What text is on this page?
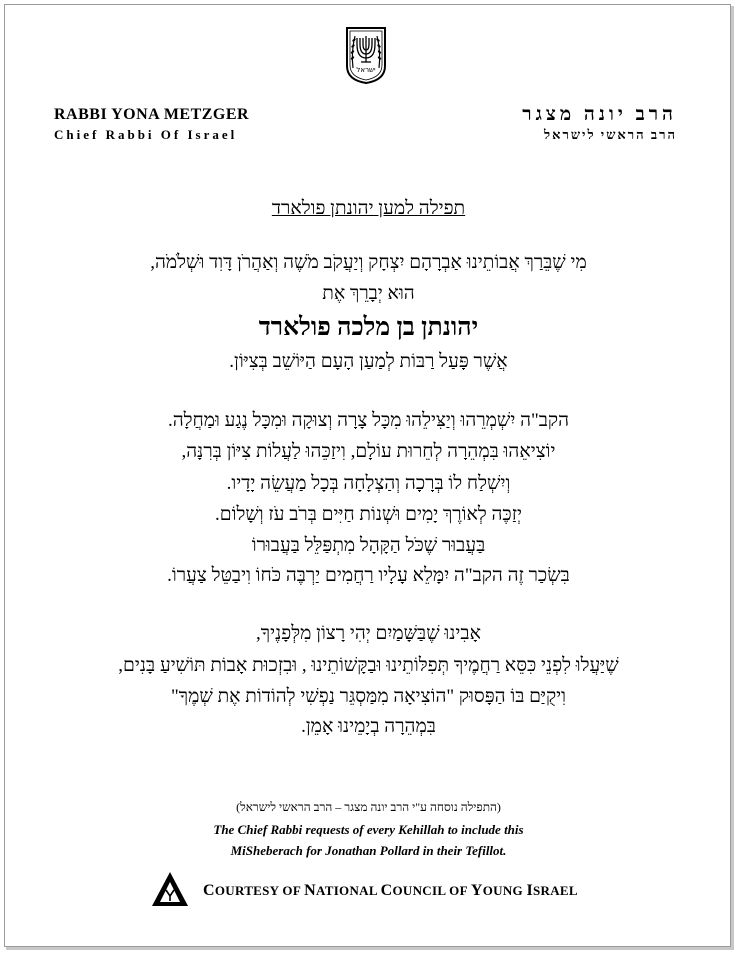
ישראל
RABBI YONA METZGER
Chief Rabbi Of Israel
הרב יונה מצגר
הרב הראשי לישראל
תפילה למען יהונתן פולארד
מִי שֶׁבֵּרַךְ אֲבוֹתֵינוּ אַבְרָהָם יִצְחָק וְיַעֲקֹב מֹשֶׁה וְאַהֲרֹן דָּוִד וּשְׁלֹמֹה,
הוּא יְבָרֵךְ אֶת
יהונתן בן מלכה פולארד
אֲשֶׁר פָּעַל רַבּוֹת לְמַעַן הָעָם הַיּוֹשֵׁב בְּצִיּוֹן.
הקב"ה יִשְׁמְרֵהוּ וְיַצִּילֵהוּ מִכָּל צָרָה וְצוּקָה וּמִכָּל נֶגַע וּמַחֲלָה.
יוֹצִיאֵהוּ בִּמְהֵרָה לְחֵרוּת עוֹלָם, וִיזַכֵּהוּ לַעֲלוֹת צִיּוֹן בְּרִנָּה,
וְיִשְׁלַח לוֹ בְּרָכָה וְהַצְלָחָה בְּכָל מַעֲשֵׂה יָדָיו.
יְזַכֶּה לְאוֹרֶךְ יָמִים וּשְׁנוֹת חַיִּים בְּרֹב עֹז וְשָׁלוֹם.
בַּעֲבוּר שֶׁכֹּל הַקָּהָל מִתְפַּלֵּל בַּעֲבוּרוֹ
בִּשְׂכַר זֶה הקב"ה יִמָּלֵא עָלָיו רַחֲמִים יַרְבֶּה כֹּחוֹ וִיבַטֵּל צַעֲרוֹ.
אָבִינוּ שֶׁבַּשָּׁמַיִם יְהִי רָצוֹן מִלְּפָנֶיךָ,
שֶׁיַּעֲלוּ לִפְנֵי כִּסֵּא רַחֲמֶיךָ תְּפִלּוֹתֵינוּ וּבַקָּשׁוֹתֵינוּ , וּבִזְכוּת אָבוֹת תּוֹשִׁיעַ בָּנִים,
וִיקֻיַּם בּוֹ הַפָּסוּק "הוֹצִיאָה מִמַּסְגֵּר נַפְשִׁי לְהוֹדוֹת אֶת שְׁמֶךָ"
בִּמְהֵרָה בְיָמֵינוּ אָמֵן.
(התפילה נוסחה ע"י הרב יונה מצגר – הרב הראשי לישראל)
The Chief Rabbi requests of every Kehillah to include this
MiSheberach for Jonathan Pollard in their Tefillot.
COURTESY OF NATIONAL COUNCIL OF YOUNG ISRAEL
